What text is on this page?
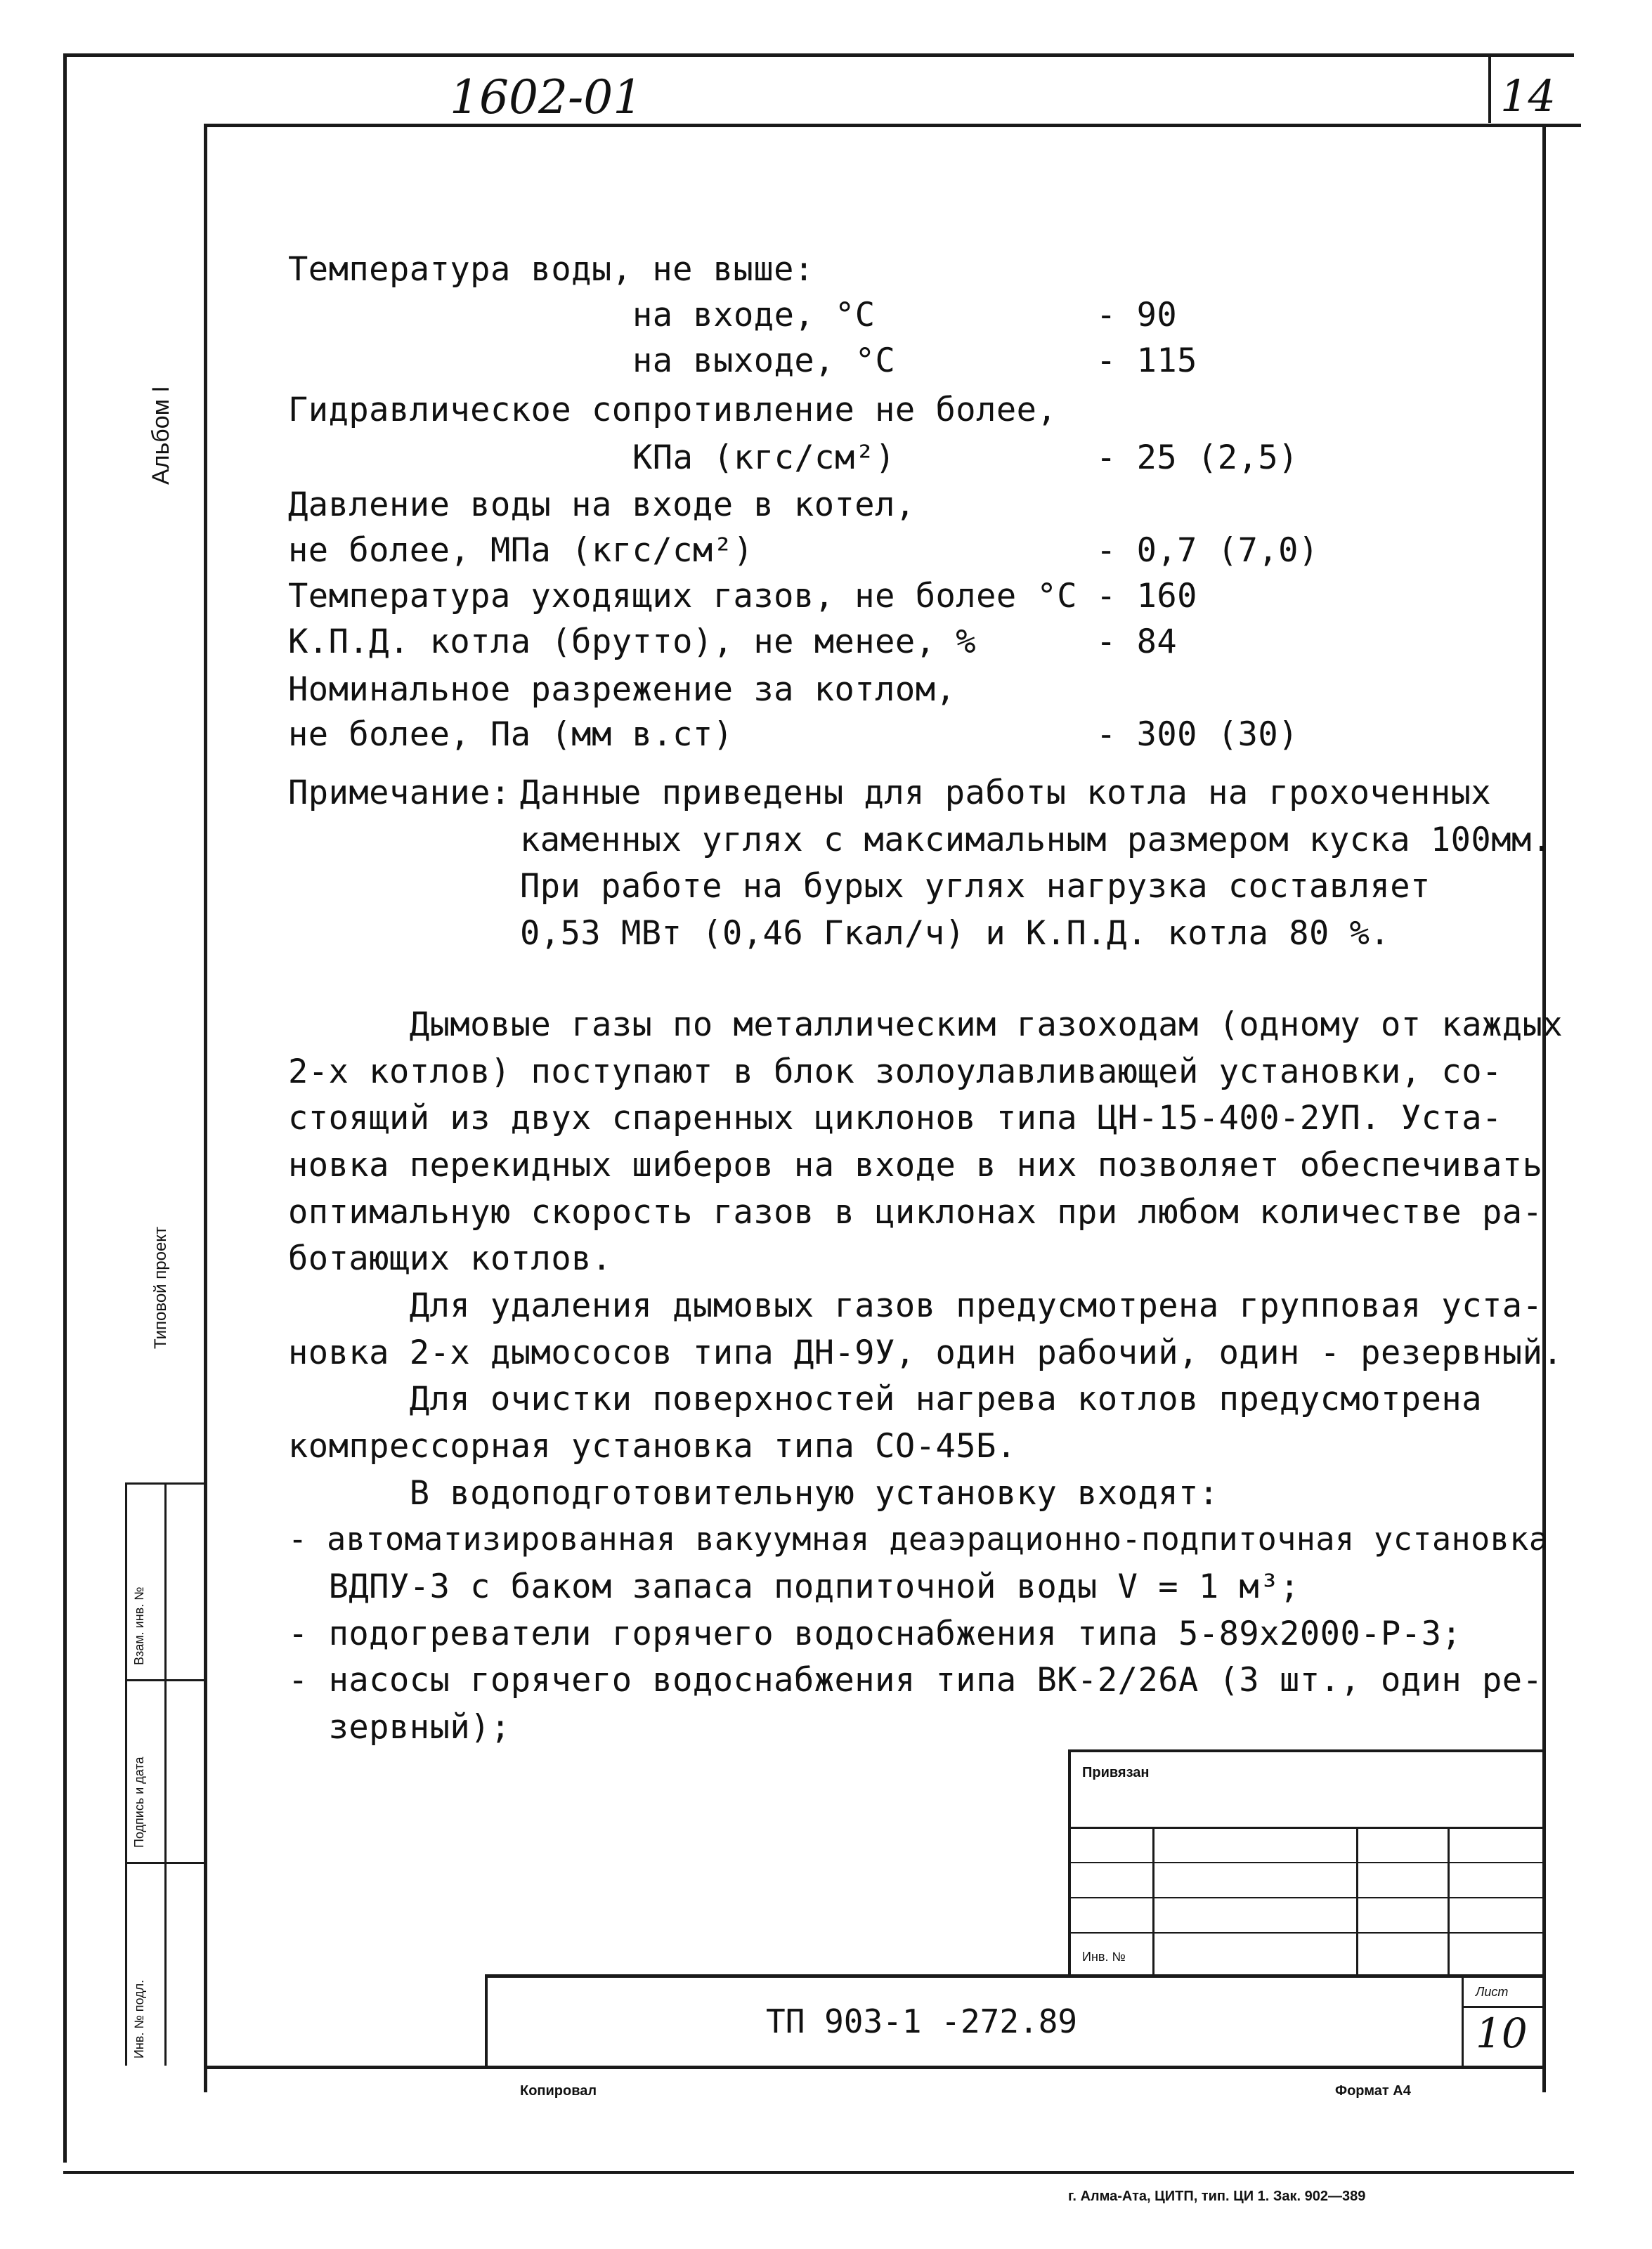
1602-01	14
Альбом I
Типовой проект
Инв. № подл.
Подпись и дата
Взам. инв. №
Температура воды, не выше:
на входе, °С	- 90
на выходе, °С	- 115
Гидравлическое сопротивление не более,
КПа (кгс/см²)	- 25 (2,5)
Давление воды на входе в котел,
не более, МПа (кгс/см²)	- 0,7 (7,0)
Температура уходящих газов, не более °С - 160
К.П.Д. котла (брутто), не менее, %	- 84
Номинальное разрежение за котлом,
не более, Па (мм в.ст)	- 300 (30)
Примечание: Данные приведены для работы котла на грохоченных
каменных углях с максимальным размером куска 100мм.
При работе на бурых углях нагрузка составляет
0,53 МВт (0,46 Гкал/ч) и К.П.Д. котла 80 %.
Дымовые газы по металлическим газоходам (одному от каждых
2-х котлов) поступают в блок золоулавливающей установки, со-
стоящий из двух спаренных циклонов типа ЦН-15-400-2УП. Уста-
новка перекидных шиберов на входе в них позволяет обеспечивать
оптимальную скорость газов в циклонах при любом количестве ра-
ботающих котлов.
Для удаления дымовых газов предусмотрена групповая уста-
новка 2-х дымососов типа ДН-9У, один рабочий, один - резервный.
Для очистки поверхностей нагрева котлов предусмотрена
компрессорная установка типа СО-45Б.
В водоподготовительную установку входят:
- автоматизированная вакуумная деаэрационно-подпиточная установка
ВДПУ-3 с баком запаса подпиточной воды V = 1 м³;
- подогреватели горячего водоснабжения типа 5-89х2000-Р-3;
- насосы горячего водоснабжения типа ВК-2/26А (3 шт., один ре-
зервный);
Привязан
Инв. №
ТП 903-1 -272.89
Лист
10
Копировал	Формат А4
г. Алма-Ата, ЦИТП, тип. ЦИ 1. Зак. 902—389
